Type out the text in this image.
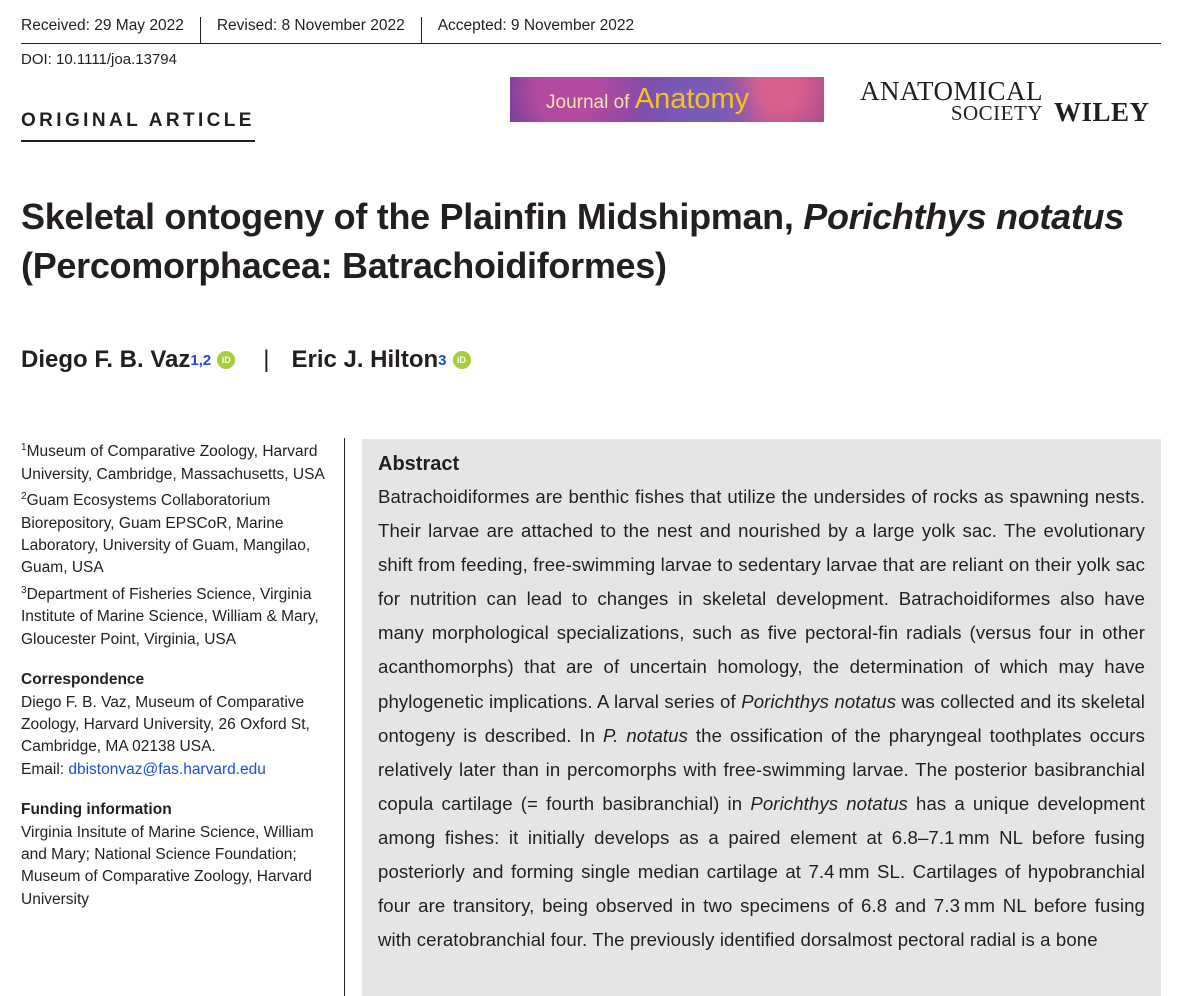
Received: 29 May 2022	Revised: 8 November 2022	Accepted: 9 November 2022
DOI: 10.1111/joa.13794
ORIGINAL ARTICLE
Journal of Anatomy	ANATOMICAL
SOCIETY WILEY
Skeletal ontogeny of the Plainfin Midshipman, Porichthys notatus (Percomorphacea: Batrachoidiformes)
Diego F. B. Vaz 1,2	iD | Eric J. Hilton 3	iD

$^1$Museum of Comparative Zoology, Harvard University, Cambridge, Massachusetts, USA

$^2$Guam Ecosystems Collaboratorium Biorepository, Guam EPSCoR, Marine Laboratory, University of Guam, Mangilao, Guam, USA

$^3$Department of Fisheries Science, Virginia Institute of Marine Science, William & Mary, Gloucester Point, Virginia, USA

Correspondence

Diego F. B. Vaz, Museum of Comparative Zoology, Harvard University, 26 Oxford St, Cambridge, MA 02138 USA.
Email: dbistonvaz@fas.harvard.edu

Funding information

Virginia Insitute of Marine Science, William and Mary; National Science Foundation; Museum of Comparative Zoology, Harvard University

Abstract

Batrachoidiformes are benthic fishes that utilize the undersides of rocks as spawning nests. Their larvae are attached to the nest and nourished by a large yolk sac. The evolutionary shift from feeding, free-swimming larvae to sedentary larvae that are reliant on their yolk sac for nutrition can lead to changes in skeletal development. Batrachoidiformes also have many morphological specializations, such as five pectoral-fin radials (versus four in other acanthomorphs) that are of uncertain homology, the determination of which may have phylogenetic implications. A larval series of Porichthys notatus was collected and its skeletal ontogeny is described. In P. notatus the ossification of the pharyngeal toothplates occurs relatively later than in percomorphs with free-swimming larvae. The posterior basibranchial copula cartilage (= fourth basibranchial) in Porichthys notatus has a unique development among fishes: it initially develops as a paired element at 6.8–7.1 mm NL before fusing posteriorly and forming single median cartilage at 7.4 mm SL. Cartilages of hypobranchial four are transitory, being observed in two specimens of 6.8 and 7.3 mm NL before fusing with ceratobranchial four. The previously identified dorsalmost pectoral radial is a bone
